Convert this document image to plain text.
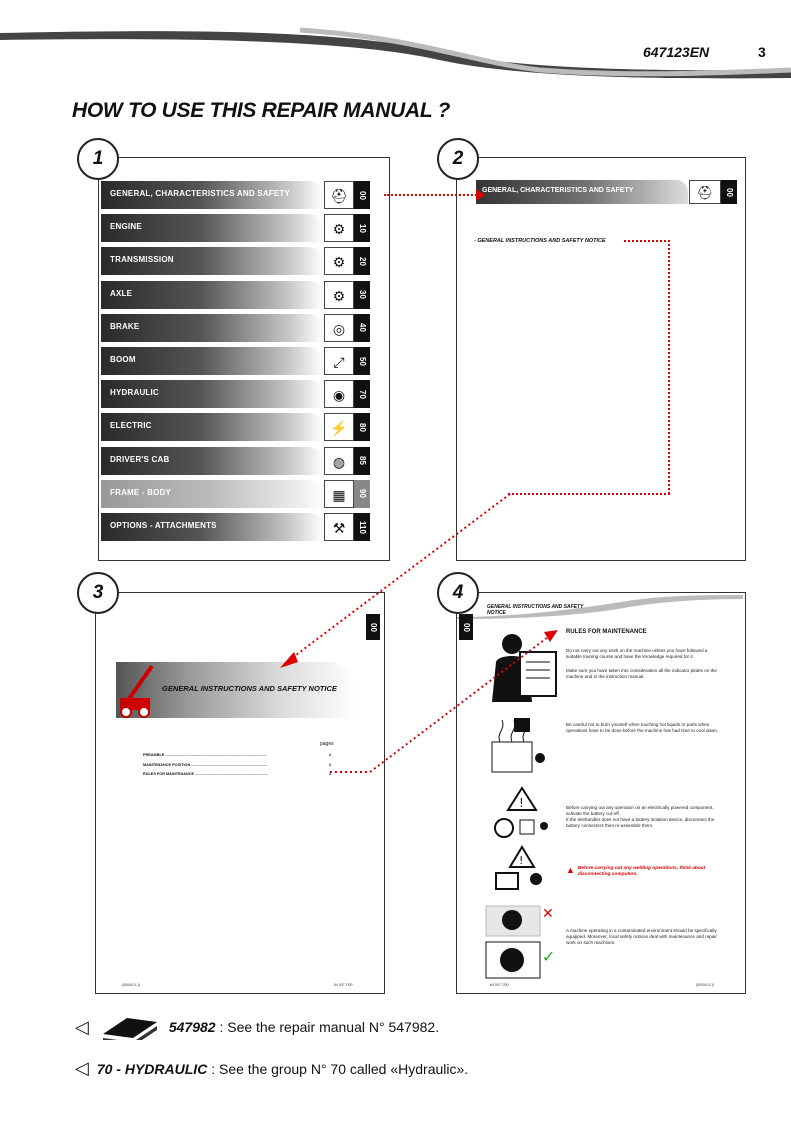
647123EN	3
HOW TO USE THIS REPAIR MANUAL ?
1
GENERAL, CHARACTERISTICS AND SAFETY	⛑	00
ENGINE	⚙	10
TRANSMISSION	⚙	20
AXLE	⚙	30
BRAKE	◎	40
BOOM	⤢	50
HYDRAULIC	◉	70
ELECTRIC	⚡	80
DRIVER'S CAB	◍	85
FRAME - BODY	▦	90
OPTIONS - ATTACHMENTS	⚒	110
2
GENERAL, CHARACTERISTICS AND SAFETY	⛑	00
- GENERAL INSTRUCTIONS AND SAFETY NOTICE
3
00
GENERAL INSTRUCTIONS AND SAFETY NOTICE
pages
PREAMBLE ................................................................................................	2
MAINTENANCE POSITION ........................................................................	3
RULES FOR MAINTENANCE .....................................................................	4
(00000-0-1)	64 007 7/00
4
GENERAL INSTRUCTIONS AND SAFETY
NOTICE
00
RULES FOR MAINTENANCE
Do not carry out any work on the machine unless you have followed a suitable training course and have the knowledge required for it.
Make sure you have taken into consideration all the indicator plates on the machine and in the instruction manual.
Be careful not to burn yourself when touching hot liquids or parts when operations have to be done before the machine has had time to cool down.
!	Before carrying out any operation on an electrically powered component, activate the battery cut-off.
If the telehandler does not have a battery isolation device, disconnect the battery connecters then re-assemble them.
!
▲ Before carrying out any welding operations, think about disconnecting computers.
✕
✓
A machine operating in a contaminated environment should be specifically equipped. Moreover, local safety notices deal with maintenance and repair work on such machines.
64 007 7/00	(00000-0-1)
◁	547982 : See the repair manual N° 547982.
◁ 70 - HYDRAULIC : See the group N° 70 called «Hydraulic».
